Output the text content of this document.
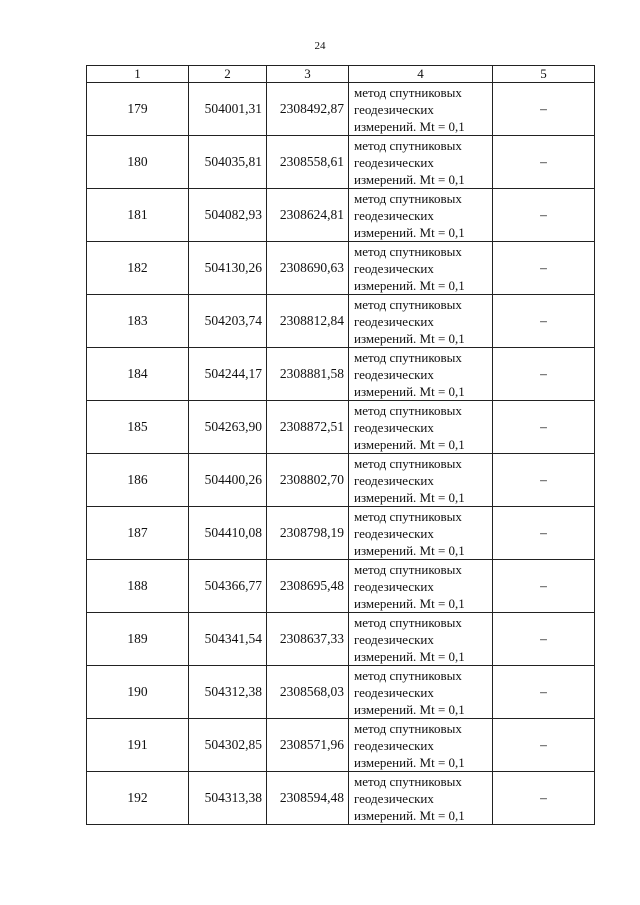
24
1	2	3	4	5
179	504001,31	2308492,87	метод спутниковых
геодезических
измерений. Mt = 0,1	–
180	504035,81	2308558,61	метод спутниковых
геодезических
измерений. Mt = 0,1	–
181	504082,93	2308624,81	метод спутниковых
геодезических
измерений. Mt = 0,1	–
182	504130,26	2308690,63	метод спутниковых
геодезических
измерений. Mt = 0,1	–
183	504203,74	2308812,84	метод спутниковых
геодезических
измерений. Mt = 0,1	–
184	504244,17	2308881,58	метод спутниковых
геодезических
измерений. Mt = 0,1	–
185	504263,90	2308872,51	метод спутниковых
геодезических
измерений. Mt = 0,1	–
186	504400,26	2308802,70	метод спутниковых
геодезических
измерений. Mt = 0,1	–
187	504410,08	2308798,19	метод спутниковых
геодезических
измерений. Mt = 0,1	–
188	504366,77	2308695,48	метод спутниковых
геодезических
измерений. Mt = 0,1	–
189	504341,54	2308637,33	метод спутниковых
геодезических
измерений. Mt = 0,1	–
190	504312,38	2308568,03	метод спутниковых
геодезических
измерений. Mt = 0,1	–
191	504302,85	2308571,96	метод спутниковых
геодезических
измерений. Mt = 0,1	–
192	504313,38	2308594,48	метод спутниковых
геодезических
измерений. Mt = 0,1	–
